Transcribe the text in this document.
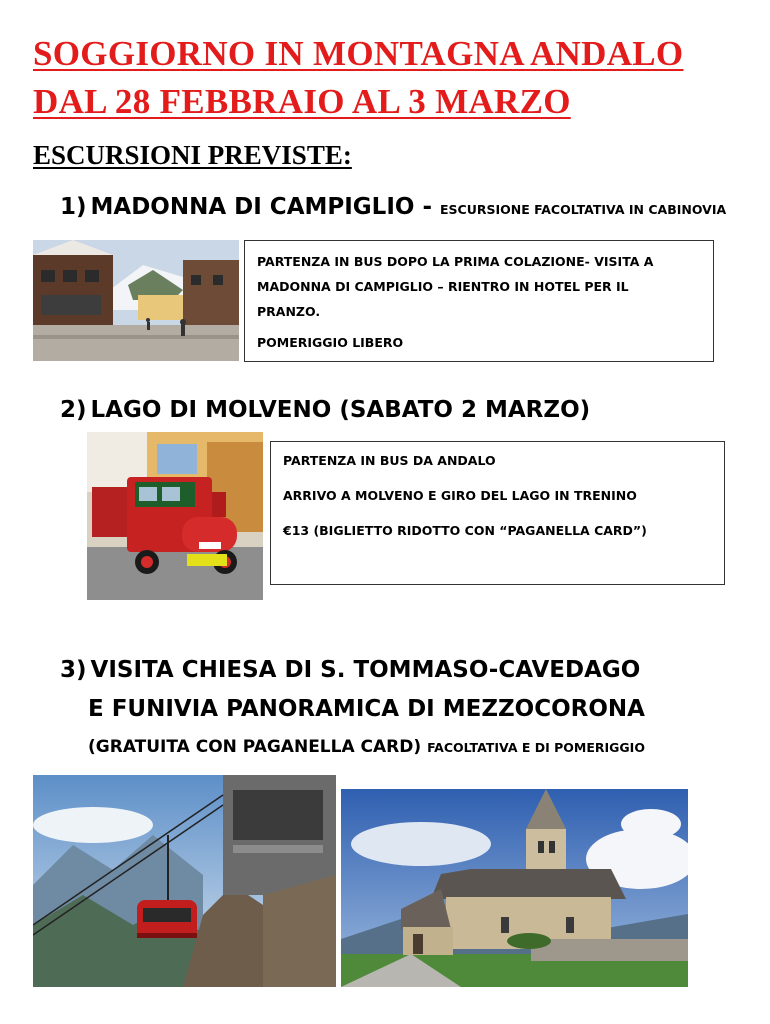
SOGGIORNO IN MONTAGNA ANDALO
DAL 28 FEBBRAIO AL 3 MARZO
ESCURSIONI PREVISTE:
1) MADONNA DI CAMPIGLIO - ESCURSIONE FACOLTATIVA IN CABINOVIA

PARTENZA IN BUS DOPO LA PRIMA COLAZIONE- VISITA A

MADONNA DI CAMPIGLIO – RIENTRO IN HOTEL PER IL

PRANZO.

POMERIGGIO LIBERO

2) LAGO DI MOLVENO (SABATO 2 MARZO)

PARTENZA IN BUS DA ANDALO

ARRIVO A MOLVENO E GIRO DEL LAGO IN TRENINO

€13 (BIGLIETTO RIDOTTO CON “PAGANELLA CARD”)

3) VISITA CHIESA DI S. TOMMASO-CAVEDAGO
E FUNIVIA PANORAMICA DI MEZZOCORONA
(GRATUITA CON PAGANELLA CARD) FACOLTATIVA E DI POMERIGGIO
